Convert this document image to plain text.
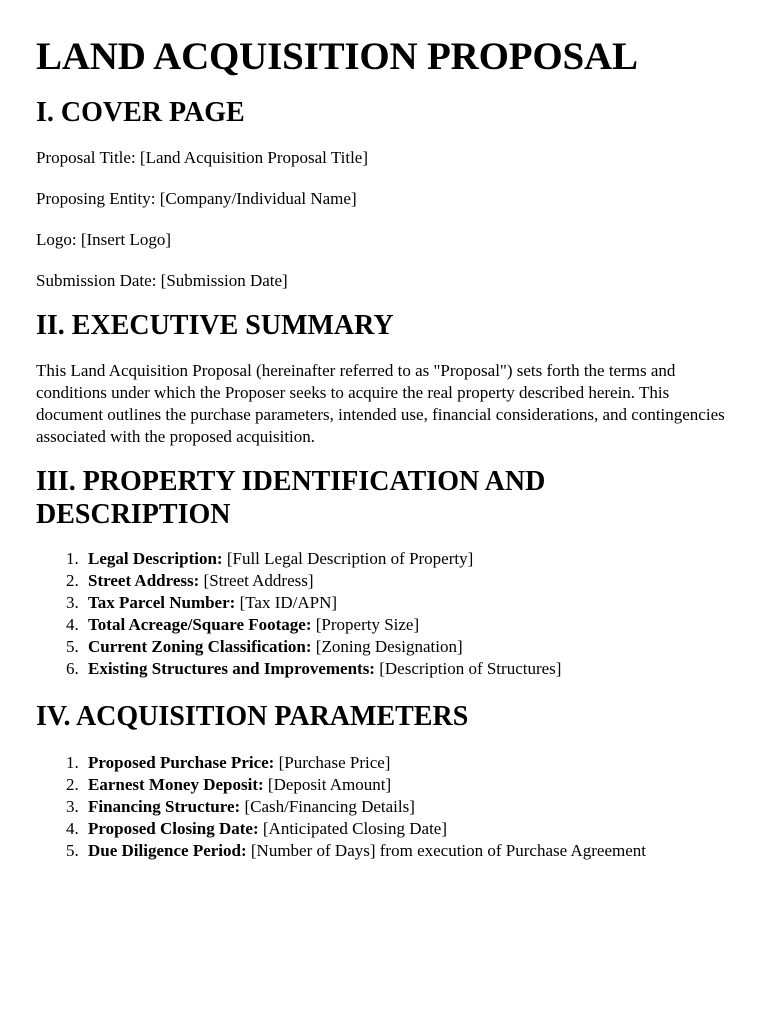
LAND ACQUISITION PROPOSAL
I. COVER PAGE

Proposal Title: [Land Acquisition Proposal Title]

Proposing Entity: [Company/Individual Name]

Logo: [Insert Logo]

Submission Date: [Submission Date]

II. EXECUTIVE SUMMARY

This Land Acquisition Proposal (hereinafter referred to as "Proposal") sets forth the terms and conditions under which the Proposer seeks to acquire the real property described herein. This document outlines the purchase parameters, intended use, financial considerations, and contingencies associated with the proposed acquisition.

III. PROPERTY IDENTIFICATION AND DESCRIPTION
1. Legal Description: [Full Legal Description of Property]
2. Street Address: [Street Address]
3. Tax Parcel Number: [Tax ID/APN]
4. Total Acreage/Square Footage: [Property Size]
5. Current Zoning Classification: [Zoning Designation]
6. Existing Structures and Improvements: [Description of Structures]
IV. ACQUISITION PARAMETERS
1. Proposed Purchase Price: [Purchase Price]
2. Earnest Money Deposit: [Deposit Amount]
3. Financing Structure: [Cash/Financing Details]
4. Proposed Closing Date: [Anticipated Closing Date]
5. Due Diligence Period: [Number of Days] from execution of Purchase Agreement
